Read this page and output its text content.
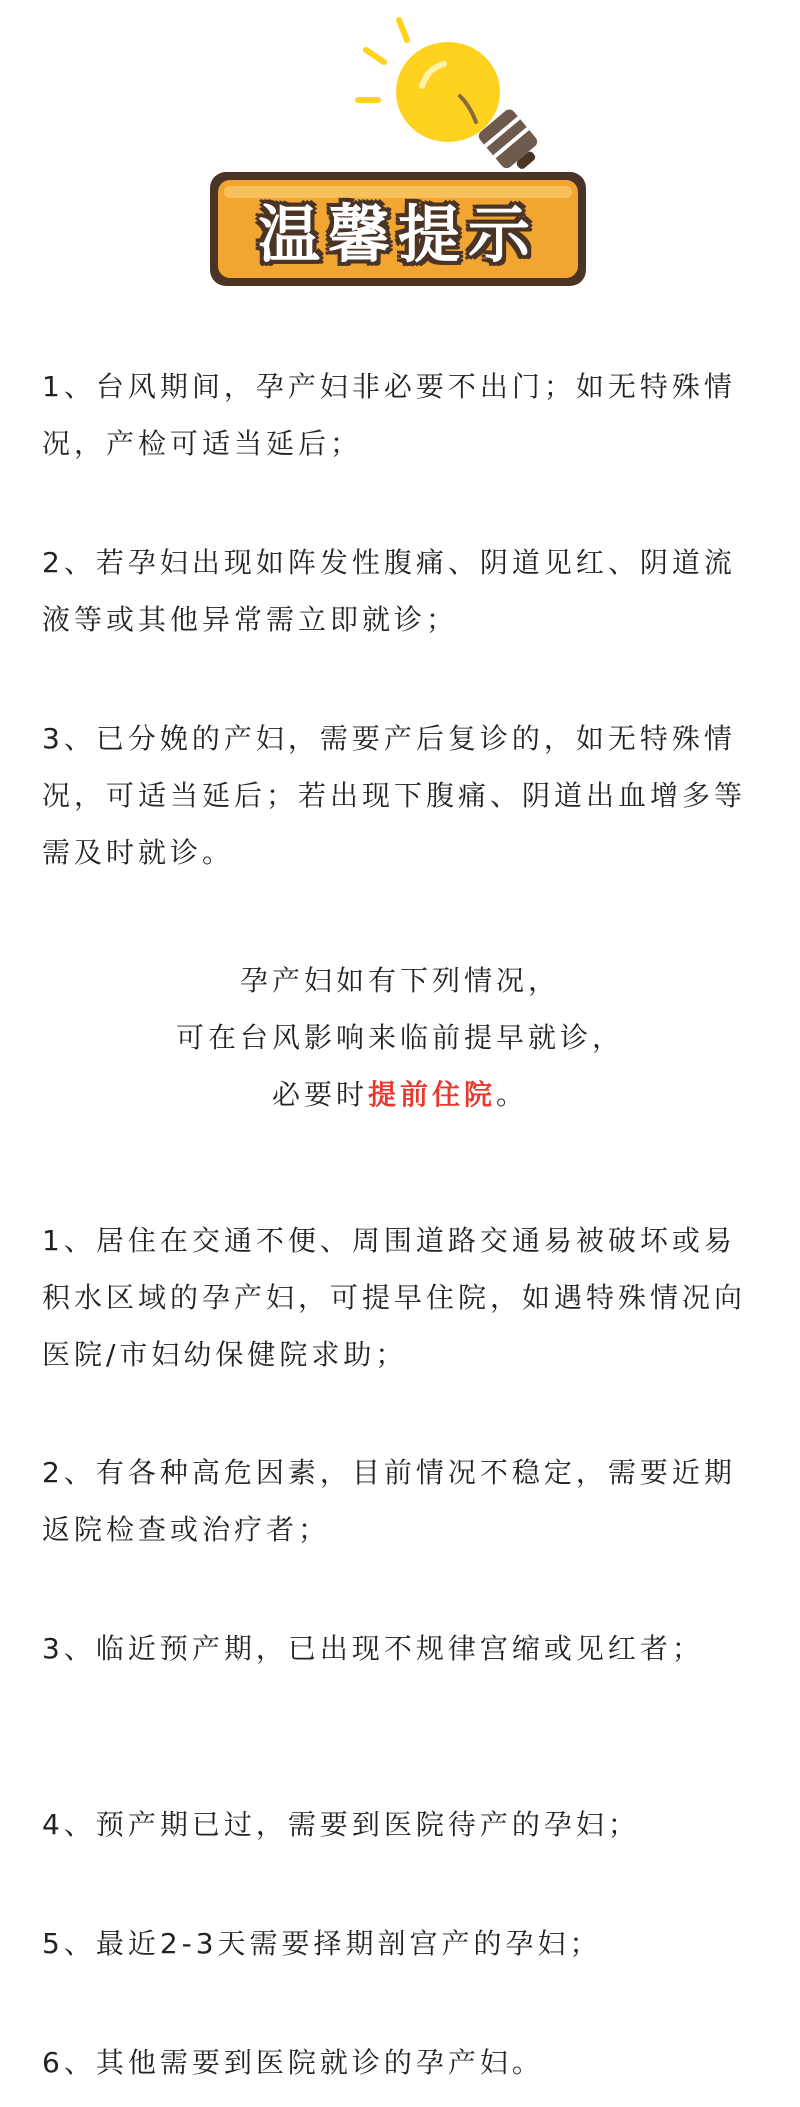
温馨提示

1、台风期间，孕产妇非必要不出门；如无特殊情况，产检可适当延后；

2、若孕妇出现如阵发性腹痛、阴道见红、阴道流液等或其他异常需立即就诊；

3、已分娩的产妇，需要产后复诊的，如无特殊情况，可适当延后；若出现下腹痛、阴道出血增多等需及时就诊。

孕产妇如有下列情况，

可在台风影响来临前提早就诊，

必要时提前住院。

1、居住在交通不便、周围道路交通易被破坏或易积水区域的孕产妇，可提早住院，如遇特殊情况向医院/市妇幼保健院求助；

2、有各种高危因素，目前情况不稳定，需要近期返院检查或治疗者；

3、临近预产期，已出现不规律宫缩或见红者；

4、预产期已过，需要到医院待产的孕妇；

5、最近2-3天需要择期剖宫产的孕妇；

6、其他需要到医院就诊的孕产妇。
